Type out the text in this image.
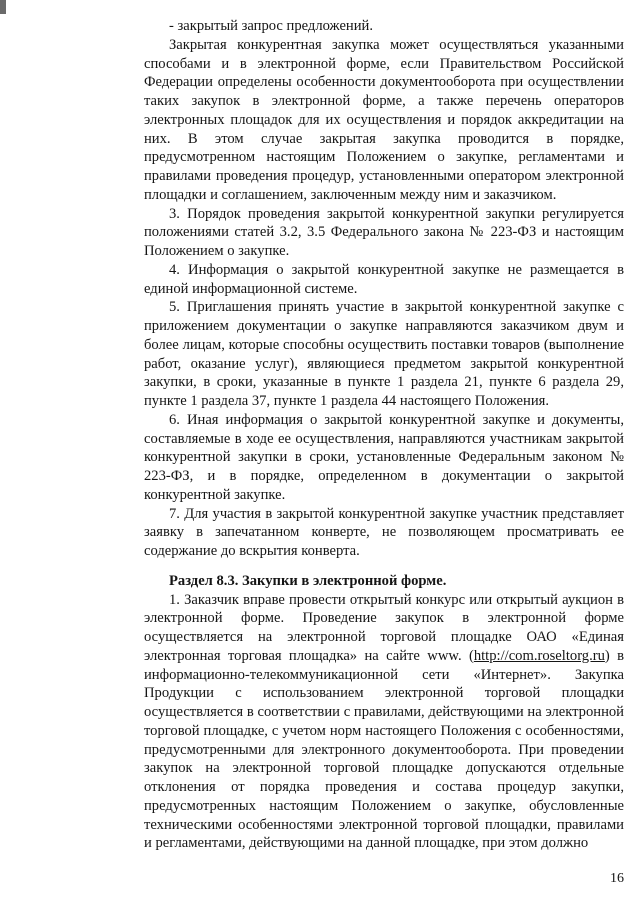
- закрытый запрос предложений.

Закрытая конкурентная закупка может осуществляться указанными способами и в электронной форме, если Правительством Российской Федерации определены особенности документооборота при осуществлении таких закупок в электронной форме, а также перечень операторов электронных площадок для их осуществления и порядок аккредитации на них. В этом случае закрытая закупка проводится в порядке, предусмотренном настоящим Положением о закупке, регламентами и правилами проведения процедур, установленными оператором электронной площадки и соглашением, заключенным между ним и заказчиком.

3. Порядок проведения закрытой конкурентной закупки регулируется положениями статей 3.2, 3.5 Федерального закона № 223-ФЗ и настоящим Положением о закупке.

4. Информация о закрытой конкурентной закупке не размещается в единой информационной системе.

5. Приглашения принять участие в закрытой конкурентной закупке с приложением документации о закупке направляются заказчиком двум и более лицам, которые способны осуществить поставки товаров (выполнение работ, оказание услуг), являющиеся предметом закрытой конкурентной закупки, в сроки, указанные в пункте 1 раздела 21, пункте 6 раздела 29, пункте 1 раздела 37, пункте 1 раздела 44 настоящего Положения.

6. Иная информация о закрытой конкурентной закупке и документы, составляемые в ходе ее осуществления, направляются участникам закрытой конкурентной закупки в сроки, установленные Федеральным законом № 223-ФЗ, и в порядке, определенном в документации о закрытой конкурентной закупке.

7. Для участия в закрытой конкурентной закупке участник представляет заявку в запечатанном конверте, не позволяющем просматривать ее содержание до вскрытия конверта.

Раздел 8.3. Закупки в электронной форме.

1. Заказчик вправе провести открытый конкурс или открытый аукцион в электронной форме. Проведение закупок в электронной форме осуществляется на электронной торговой площадке ОАО «Единая электронная торговая площадка» на сайте www. (http://com.roseltorg.ru) в информационно-телекоммуникационной сети «Интернет». Закупка Продукции с использованием электронной торговой площадки осуществляется в соответствии с правилами, действующими на электронной торговой площадке, с учетом норм настоящего Положения с особенностями, предусмотренными для электронного документооборота. При проведении закупок на электронной торговой площадке допускаются отдельные отклонения от порядка проведения и состава процедур закупки, предусмотренных настоящим Положением о закупке, обусловленные техническими особенностями электронной торговой площадки, правилами и регламентами, действующими на данной площадке, при этом должно

16
